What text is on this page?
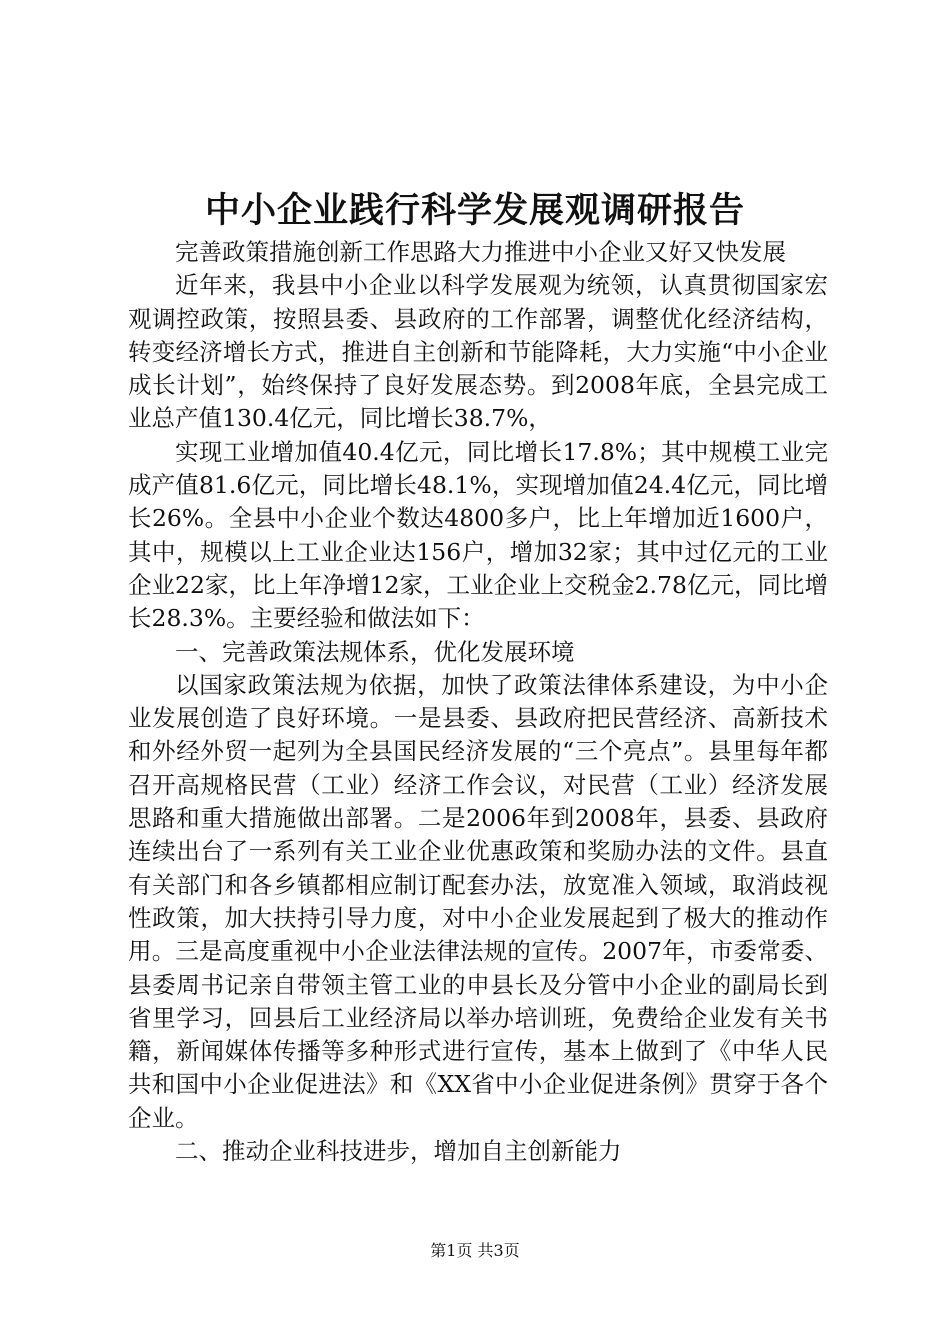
中小企业践行科学发展观调研报告

完善政策措施创新工作思路大力推进中小企业又好又快发展

近年来，我县中小企业以科学发展观为统领，认真贯彻国家宏观调控政策，按照县委、县政府的工作部署，调整优化经济结构，转变经济增长方式，推进自主创新和节能降耗，大力实施“中小企业成长计划”，始终保持了良好发展态势。到2008年底，全县完成工业总产值130.4亿元，同比增长38.7%，

实现工业增加值40.4亿元，同比增长17.8%；其中规模工业完成产值81.6亿元，同比增长48.1%，实现增加值24.4亿元，同比增长26%。全县中小企业个数达4800多户，比上年增加近1600户，其中，规模以上工业企业达156户，增加32家；其中过亿元的工业企业22家，比上年净增12家，工业企业上交税金2.78亿元，同比增长28.3%。主要经验和做法如下：

一、完善政策法规体系，优化发展环境

以国家政策法规为依据，加快了政策法律体系建设，为中小企业发展创造了良好环境。一是县委、县政府把民营经济、高新技术和外经外贸一起列为全县国民经济发展的“三个亮点”。县里每年都召开高规格民营（工业）经济工作会议，对民营（工业）经济发展思路和重大措施做出部署。二是2006年到2008年，县委、县政府连续出台了一系列有关工业企业优惠政策和奖励办法的文件。县直有关部门和各乡镇都相应制订配套办法，放宽准入领域，取消歧视性政策，加大扶持引导力度，对中小企业发展起到了极大的推动作用。三是高度重视中小企业法律法规的宣传。2007年，市委常委、县委周书记亲自带领主管工业的申县长及分管中小企业的副局长到省里学习，回县后工业经济局以举办培训班，免费给企业发有关书籍，新闻媒体传播等多种形式进行宣传，基本上做到了《中华人民共和国中小企业促进法》和《XX省中小企业促进条例》贯穿于各个企业。

二、推动企业科技进步，增加自主创新能力

第1页 共3页
